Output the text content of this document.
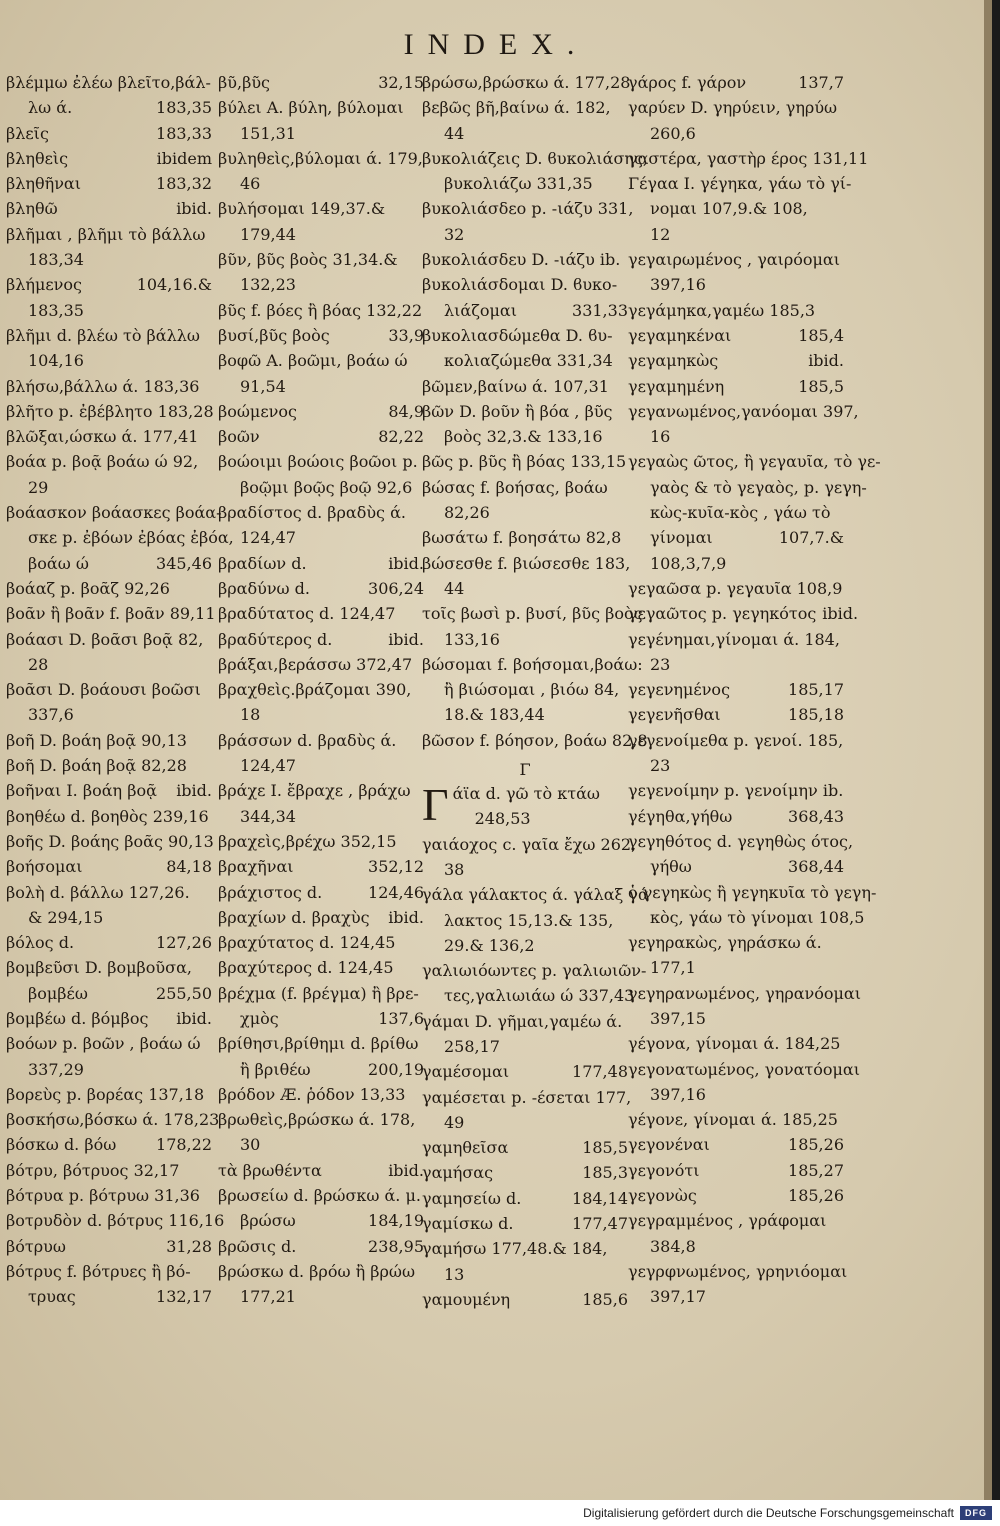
INDEX.
βλέμμω ἐλέω βλεῖτο,βάλ-
λω ά.	183,35
βλεῖς	183,33
βληθεὶς	ibidem
βληθῆναι	183,32
βληθῶ	ibid.
βλῆμαι , βλῆμι τὸ βάλλω
183,34
βλήμενος	104,16.&
183,35
βλῆμι d. βλέω τὸ βάλλω
104,16
βλήσω,βάλλω ά. 183,36
βλῆτο p. ἐβέβλητο 183,28
βλῶξαι,ώσκω ά. 177,41
βοάα p. βοᾷ βοάω ώ 92,
29
βοάασκον βοάασκες βοάα-
σκε p. ἐβόων ἐβόας ἐβόα,
βοάω ώ	345,46
βοάαζ p. βοᾶζ 92,26
βοᾶν ἢ βοᾶν f. βοᾶν 89,11
βοάασι D. βοᾶσι βοᾷ 82,
28
βοᾶσι D. βοάουσι βοῶσι
337,6
βοῆ D. βοάη βοᾷ 90,13
βοῆ D. βοάη βοᾷ 82,28
βοῆναι I. βοάη βοᾷ	ibid.
βοηθέω d. βοηθὸς 239,16
βοῆς D. βοάης βοᾶς 90,13
βοήσομαι	84,18
βολὴ d. βάλλω 127,26.
& 294,15
βόλος d.	127,26
βομβεῦσι D. βομβοῦσα,
βομβέω	255,50
βομβέω d. βόμβος	ibid.
βοόων p. βοῶν , βοάω ώ
337,29
βορεὺς p. βορέας 137,18
βοσκήσω,βόσκω ά. 178,23
βόσκω d. βόω	178,22
βότρυ, βότρυος 32,17
βότρυα p. βότρυω 31,36
βοτρυδὸν d. βότρυς 116,16
βότρυω	31,28
βότρυς f. βότρυες ἢ βό-
τρυας	132,17
βῦ,βῦς	32,15
βύλει A. βύλη, βύλομαι
151,31
βυληθεὶς,βύλομαι ά. 179,
46
βυλήσομαι 149,37.&
179,44
βῦν, βῦς βοὸς 31,34.&
132,23
βῦς f. βόες ἢ βόας 132,22
βυσί,βῦς βοὸς	33,9
βοφῶ A. βοῶμι, βοάω ώ
91,54
βοώμενος	84,9
βοῶν	82,22
βοώοιμι βοώοις βοῶοι p.
βοῷμι βοῷς βοῷ 92,6
βραδίστος d. βραδὺς ά.
124,47
βραδίων d.	ibid.
βραδύνω d.	306,24
βραδύτατος d. 124,47
βραδύτερος d.	ibid.
βράξαι,βεράσσω 372,47
βραχθεὶς.βράζομαι 390,
18
βράσσων d. βραδὺς ά.
124,47
βράχε I. ἔβραχε , βράχω
344,34
βραχεὶς,βρέχω 352,15
βραχῆναι	352,12
βράχιστος d.	124,46
βραχίων d. βραχὺς	ibid.
βραχύτατος d. 124,45
βραχύτερος d. 124,45
βρέχμα (f. βρέγμα) ἢ βρε-
χμὸς	137,6
βρίθησι,βρίθημι d. βρίθω
ἢ βριθέω	200,19
βρόδον Æ. ῥόδον 13,33
βρωθεὶς,βρώσκω ά. 178,
30
τὰ βρωθέντα	ibid.
βρωσείω d. βρώσκω ά. μ.
βρώσω	184,19
βρῶσις d.	238,95
βρώσκω d. βρόω ἢ βρώω
177,21
βρώσω,βρώσκω ά. 177,28
βεβῶς βῆ,βαίνω ά. 182,
44
βυκολιάζεις D. ϐυκολιάσης,
βυκολιάζω 331,35
βυκολιάσδεο p. -ιάζυ 331,
32
βυκολιάσδευ D. -ιάζυ ib.
βυκολιάσδομαι D. ϐυκο-
λιάζομαι	331,33
βυκολιασδώμεθα D. ϐυ-
κολιαζώμεθα 331,34
βῶμεν,βαίνω ά. 107,31
βῶν D. βοῦν ἢ βόα , βῦς
βοὸς 32,3.& 133,16
βῶς p. βῦς ἢ βόας 133,15
βώσας f. βοήσας, βοάω
82,26
βωσάτω f. βοησάτω 82,8
βώσεσθε f. βιώσεσθε 183,
44
τοῖς βωσὶ p. βυσί, βῦς βοὸς
133,16
βώσομαι f. βοήσομαι,βοάω:
ἢ βιώσομαι , βιόω 84,
18.& 183,44
βῶσον f. βόησον, βοάω 82,8
Γ
Γ άϊα d. γῶ τὸ κτάω
248,53
γαιάοχος c. γαῖα ἔχω 262,
38
γάλα γάλακτος ά. γάλαξ γά
λακτος 15,13.& 135,
29.& 136,2
γαλιωιόωντες p. γαλιωιῶν-
τες,γαλιωιάω ώ 337,43
γάμαι D. γῆμαι,γαμέω ά.
258,17
γαμέσομαι	177,48
γαμέσεται p. -έσεται 177,
49
γαμηθεῖσα	185,5
γαμήσας	185,3
γαμησείω d.	184,14
γαμίσκω d.	177,47
γαμήσω 177,48.& 184,
13
γαμουμένη	185,6
γάρος f. γάρον	137,7
γαρύεν D. γηρύειν, γηρύω
260,6
γαστέρα, γαστὴρ έρος 131,11
Γέγαα I. γέγηκα, γάω τὸ γί-
νομαι 107,9.& 108,
12
γεγαιρωμένος , γαιρόομαι
397,16
γεγάμηκα,γαμέω 185,3
γεγαμηκέναι	185,4
γεγαμηκὼς	ibid.
γεγαμημένη	185,5
γεγανωμένος,γανόομαι 397,
16
γεγαὼς ῶτος, ἢ γεγαυῖα, τὸ γε-
γαὸς & τὸ γεγαὸς, p. γεγη-
κὼς-κυῖα-κὸς , γάω τὸ
γίνομαι	107,7.&
108,3,7,9
γεγαῶσα p. γεγαυῖα 108,9
γεγαῶτος p. γεγηκότος ibid.
γεγένημαι,γίνομαι ά. 184,
23
γεγενημένος	185,17
γεγενῆσθαι	185,18
γεγενοίμεθα p. γενοί. 185,
23
γεγενοίμην p. γενοίμην ib.
γέγηθα,γήθω	368,43
γεγηθότος d. γεγηθὼς ότος,
γήθω	368,44
ὁ γεγηκὼς ἢ γεγηκυῖα τὸ γεγη-
κὸς, γάω τὸ γίνομαι 108,5
γεγηρακὼς, γηράσκω ά.
177,1
γεγηρανωμένος, γηρανόομαι
397,15
γέγονα, γίνομαι ά. 184,25
γεγονατωμένος, γονατόομαι
397,16
γέγονε, γίνομαι ά. 185,25
γεγονέναι	185,26
γεγονότι	185,27
γεγονὼς	185,26
γεγραμμένος , γράφομαι
384,8
γεγρφνωμένος, γρηνιόομαι
397,17
Digitalisierung gefördert durch die Deutsche Forschungsgemeinschaft	DFG
